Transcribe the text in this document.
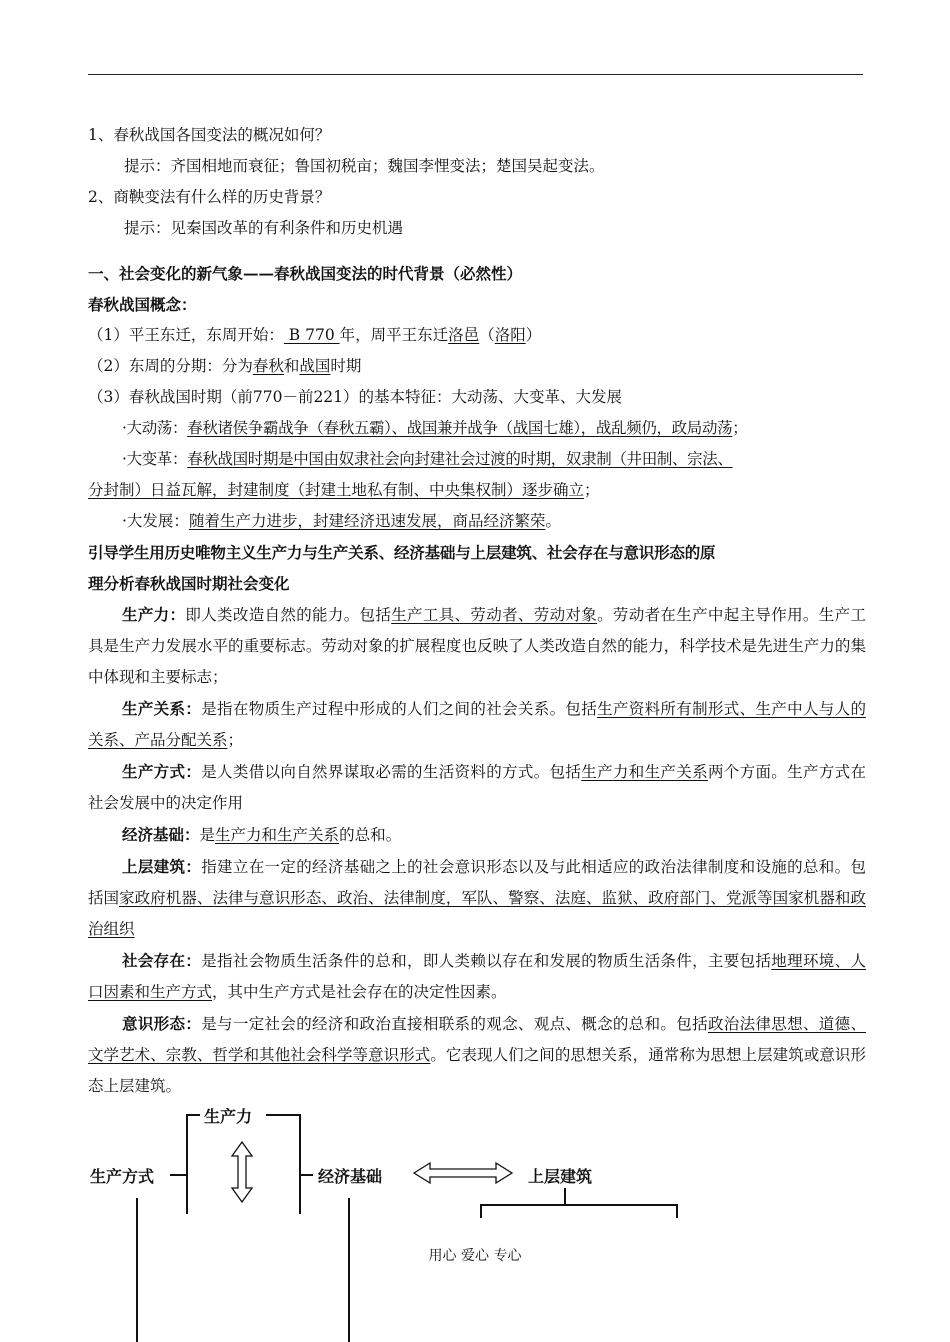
1、春秋战国各国变法的概况如何？
提示：齐国相地而衰征；鲁国初税亩；魏国李悝变法；楚国吴起变法。
2、商鞅变法有什么样的历史背景？
提示：见秦国改革的有利条件和历史机遇
一、社会变化的新气象——春秋战国变法的时代背景（必然性）
春秋战国概念：
（1）平王东迁，东周开始： B 770 年，周平王东迁洛邑（洛阳）
（2）东周的分期：分为春秋和战国时期
（3）春秋战国时期（前770－前221）的基本特征：大动荡、大变革、大发展
·大动荡：春秋诸侯争霸战争（春秋五霸）、战国兼并战争（战国七雄），战乱频仍，政局动荡；
·大变革：春秋战国时期是中国由奴隶社会向封建社会过渡的时期，奴隶制（井田制、宗法、
分封制）日益瓦解，封建制度（封建土地私有制、中央集权制）逐步确立；
·大发展：随着生产力进步，封建经济迅速发展，商品经济繁荣。
引导学生用历史唯物主义生产力与生产关系、经济基础与上层建筑、社会存在与意识形态的原
理分析春秋战国时期社会变化
生产力：即人类改造自然的能力。包括生产工具、劳动者、劳动对象。劳动者在生产中起主导作用。生产工具是生产力发展水平的重要标志。劳动对象的扩展程度也反映了人类改造自然的能力，科学技术是先进生产力的集中体现和主要标志；
生产关系：是指在物质生产过程中形成的人们之间的社会关系。包括生产资料所有制形式、生产中人与人的关系、产品分配关系；
生产方式：是人类借以向自然界谋取必需的生活资料的方式。包括生产力和生产关系两个方面。生产方式在社会发展中的决定作用
经济基础：是生产力和生产关系的总和。
上层建筑：指建立在一定的经济基础之上的社会意识形态以及与此相适应的政治法律制度和设施的总和。包括国家政府机器、法律与意识形态、政治、法律制度，军队、警察、法庭、监狱、政府部门、党派等国家机器和政治组织
社会存在：是指社会物质生活条件的总和，即人类赖以存在和发展的物质生活条件，主要包括地理环境、人口因素和生产方式，其中生产方式是社会存在的决定性因素。
意识形态：是与一定社会的经济和政治直接相联系的观念、观点、概念的总和。包括政治法律思想、道德、文学艺术、宗教、哲学和其他社会科学等意识形式。它表现人们之间的思想关系，通常称为思想上层建筑或意识形态上层建筑。
生产力
生产方式	经济基础	上层建筑
用心 爱心 专心
